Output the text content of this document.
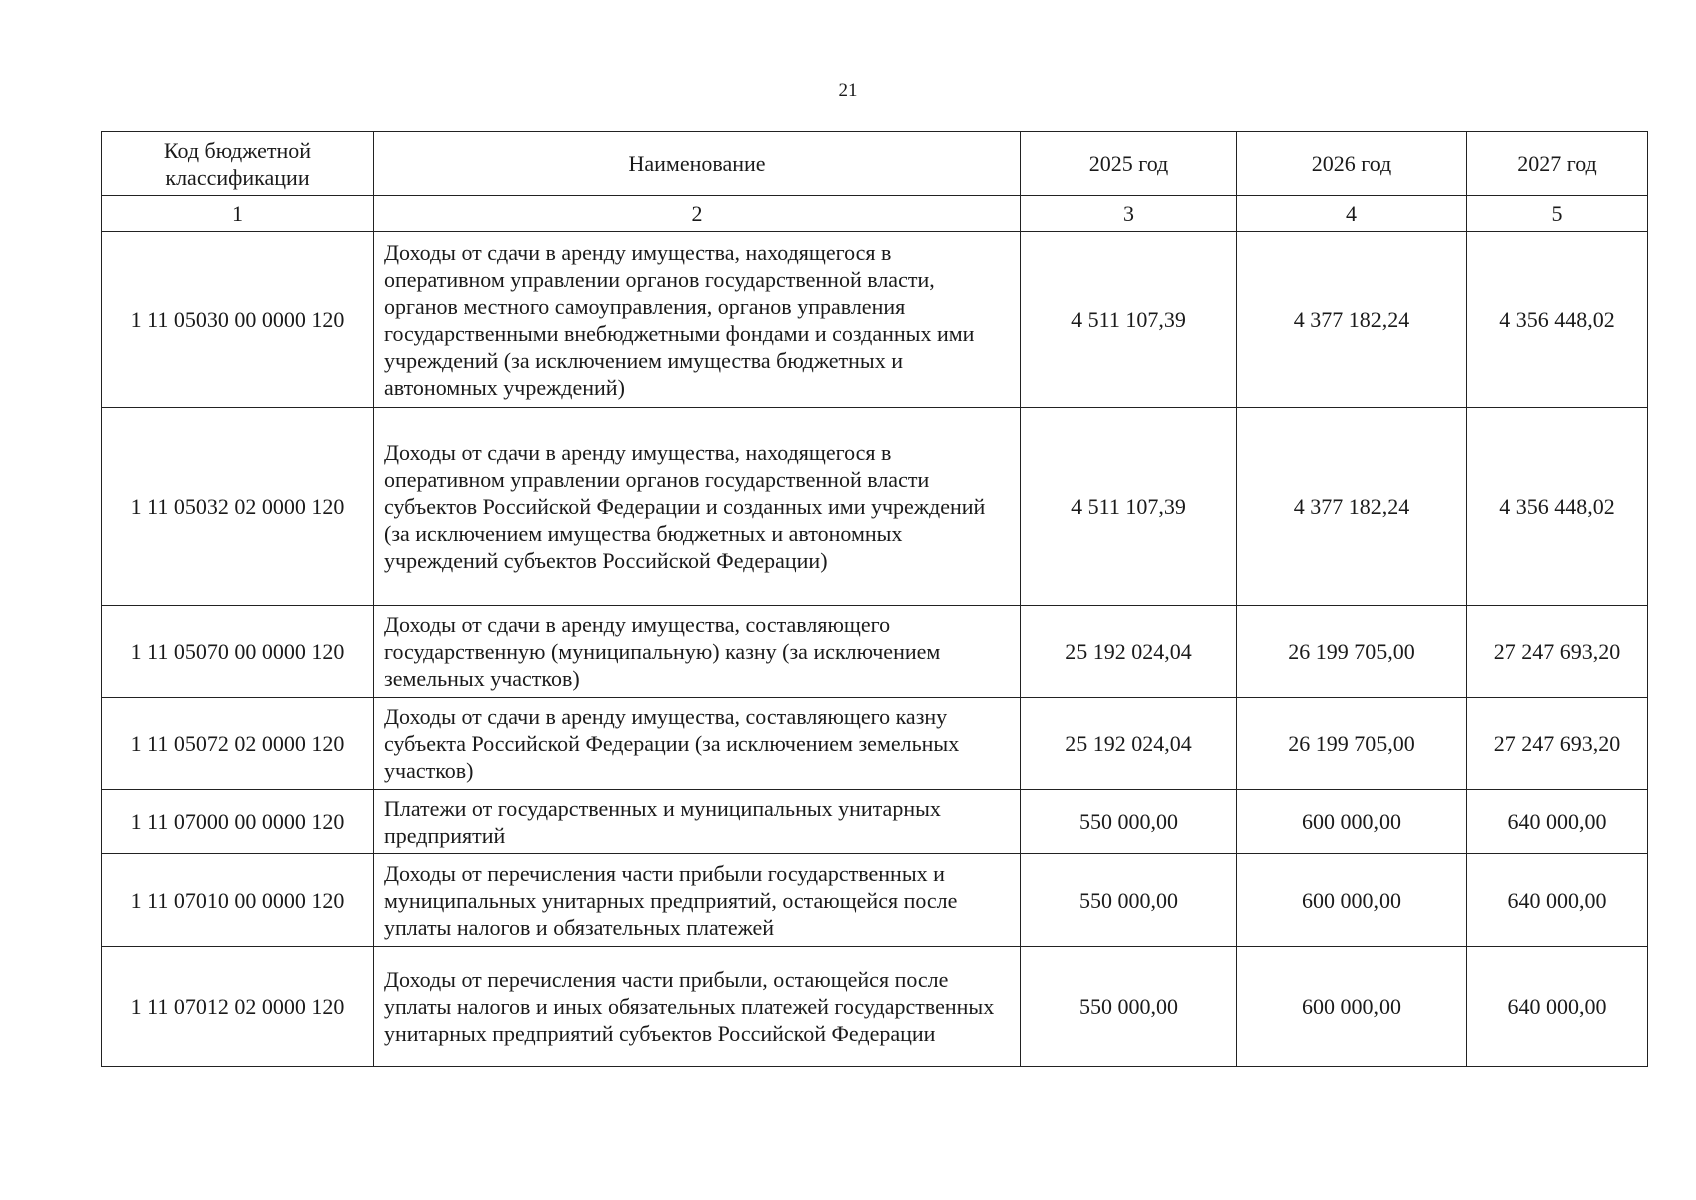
21
Код бюджетной классификации	Наименование	2025 год	2026 год	2027 год
1	2	3	4	5
1 11 05030 00 0000 120	Доходы от сдачи в аренду имущества, находящегося в оперативном управлении органов государственной власти, органов местного самоуправления, органов управления государственными внебюджетными фондами и созданных ими учреждений (за исключением имущества бюджетных и автономных учреждений)	4 511 107,39	4 377 182,24	4 356 448,02
1 11 05032 02 0000 120	Доходы от сдачи в аренду имущества, находящегося в оперативном управлении органов государственной власти субъектов Российской Федерации и созданных ими учреждений (за исключением имущества бюджетных и автономных учреждений субъектов Российской Федерации)	4 511 107,39	4 377 182,24	4 356 448,02
1 11 05070 00 0000 120	Доходы от сдачи в аренду имущества, составляющего государственную (муниципальную) казну (за исключением земельных участков)	25 192 024,04	26 199 705,00	27 247 693,20
1 11 05072 02 0000 120	Доходы от сдачи в аренду имущества, составляющего казну субъекта Российской Федерации (за исключением земельных участков)	25 192 024,04	26 199 705,00	27 247 693,20
1 11 07000 00 0000 120	Платежи от государственных и муниципальных унитарных предприятий	550 000,00	600 000,00	640 000,00
1 11 07010 00 0000 120	Доходы от перечисления части прибыли государственных и муниципальных унитарных предприятий, остающейся после уплаты налогов и обязательных платежей	550 000,00	600 000,00	640 000,00
1 11 07012 02 0000 120	Доходы от перечисления части прибыли, остающейся после уплаты налогов и иных обязательных платежей государственных унитарных предприятий субъектов Российской Федерации	550 000,00	600 000,00	640 000,00
